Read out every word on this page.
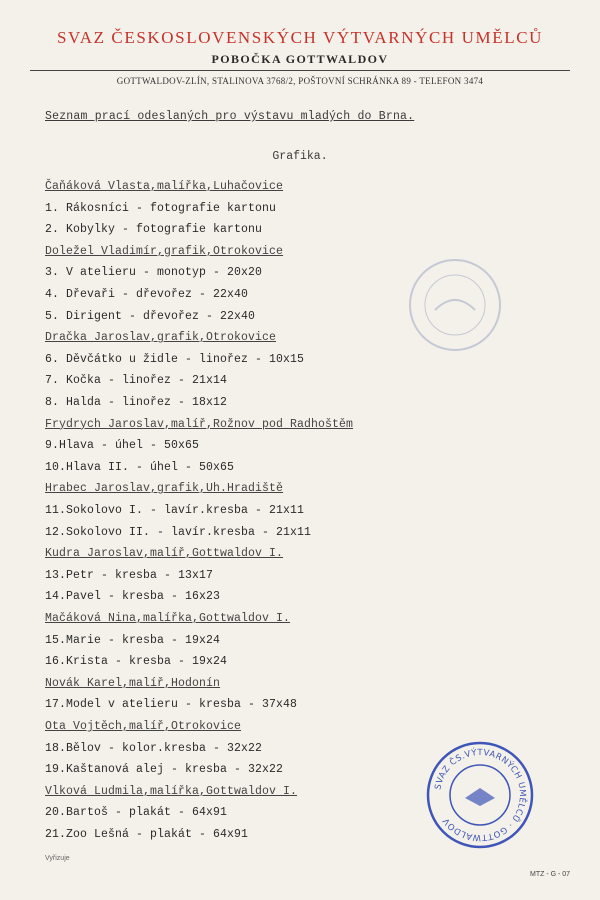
SVAZ ČESKOSLOVENSKÝCH VÝTVARNÝCH UMĚLCŮ
POBOČKA GOTTWALDOV
GOTTWALDOV-ZLÍN, STALINOVA 3768/2, POŠTOVNÍ SCHRÁNKA 89 - TELEFON 3474
Seznam prací odeslaných pro výstavu mladých do Brna.
Grafika.
Čaňáková Vlasta,malířka,Luhačovice
1. Rákosníci - fotografie kartonu
2. Kobylky - fotografie kartonu
Doležel Vladimír,grafik,Otrokovice
3. V atelieru - monotyp - 20x20
4. Dřevaři - dřevořez - 22x40
5. Dirigent - dřevořez - 22x40
Dračka Jaroslav,grafik,Otrokovice
6. Děvčátko u židle - linořez - 10x15
7. Kočka - linořez - 21x14
8. Halda - linořez - 18x12
Frydrych Jaroslav,malíř,Rožnov pod Radhoštěm
9.Hlava - úhel - 50x65
10.Hlava II. - úhel - 50x65
Hrabec Jaroslav,grafik,Uh.Hradiště
11.Sokolovo I. - lavír.kresba - 21x11
12.Sokolovo II. - lavír.kresba - 21x11
Kudra Jaroslav,malíř,Gottwaldov I.
13.Petr - kresba - 13x17
14.Pavel - kresba - 16x23
Mačáková Nina,malířka,Gottwaldov I.
15.Marie - kresba - 19x24
16.Krista - kresba - 19x24
Novák Karel,malíř,Hodonín
17.Model v atelieru - kresba - 37x48
Ota Vojtěch,malíř,Otrokovice
18.Bělov - kolor.kresba - 32x22
19.Kaštanová alej - kresba - 32x22
Vlková Ludmila,malířka,Gottwaldov I.
20.Bartoš - plakát - 64x91
21.Zoo Lešná - plakát - 64x91
SVAZ ČS.VÝTVARNÝCH UMĚLCŮ · GOTTWALDOV
Vyřizuje
MTZ - G - 07
